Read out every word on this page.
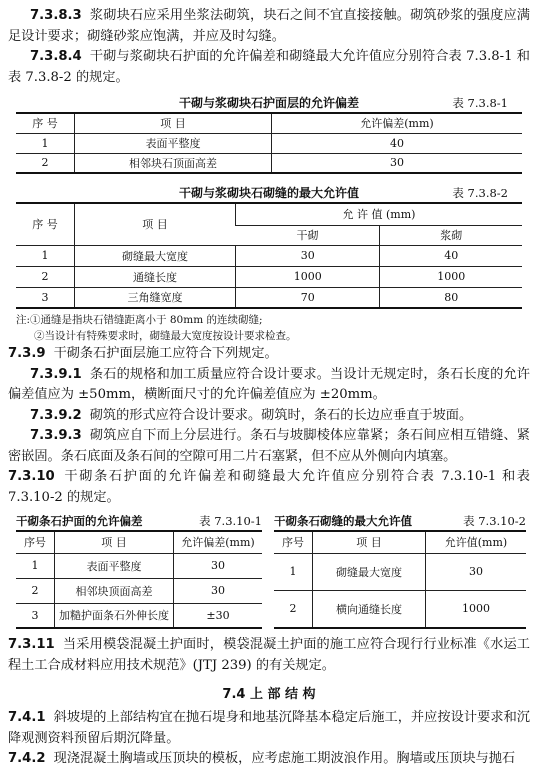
7.3.8.3 浆砌块石应采用坐浆法砌筑，块石之间不宜直接接触。砌筑砂浆的强度应满足设计要求；砌缝砂浆应饱满，并应及时勾缝。

7.3.8.4 干砌与浆砌块石护面的允许偏差和砌缝最大允许值应分别符合表 7.3.8-1 和表 7.3.8-2 的规定。

干砌与浆砌块石护面层的允许偏差	表 7.3.8-1
序 号	项 目	允许偏差(mm)
1	表面平整度	40
2	相邻块石顶面高差	30
干砌与浆砌块石砌缝的最大允许值	表 7.3.8-2
序 号	项 目	允 许 值 (mm)	
		干砌	浆砌
1	砌缝最大宽度	30	40
2	通缝长度	1000	1000
3	三角缝宽度	70	80
注:①通缝是指块石错缝距离小于 80mm 的连续砌缝;
②当设计有特殊要求时，砌缝最大宽度按设计要求检查。

7.3.9 干砌条石护面层施工应符合下列规定。

7.3.9.1 条石的规格和加工质量应符合设计要求。当设计无规定时，条石长度的允许偏差值应为 ±50mm，横断面尺寸的允许偏差值应为 ±20mm。

7.3.9.2 砌筑的形式应符合设计要求。砌筑时，条石的长边应垂直于坡面。

7.3.9.3 砌筑应自下而上分层进行。条石与坡脚棱体应靠紧；条石间应相互错缝、紧密嵌固。条石底面及条石间的空隙可用二片石塞紧，但不应从外侧向内填塞。

7.3.10 干砌条石护面的允许偏差和砌缝最大允许值应分别符合表 7.3.10-1 和表 7.3.10-2 的规定。

干砌条石护面的允许偏差	表 7.3.10-1
序号	项 目	允许偏差(mm)
1	表面平整度	30
2	相邻块顶面高差	30
3	加糙护面条石外伸长度	±30
干砌条石砌缝的最大允许值	表 7.3.10-2
序号	项 目	允许值(mm)
1	砌缝最大宽度	30
2	横向通缝长度	1000

7.3.11 当采用模袋混凝土护面时，模袋混凝土护面的施工应符合现行行业标准《水运工程土工合成材料应用技术规范》(JTJ 239) 的有关规定。

7.4 上 部 结 构

7.4.1 斜坡堤的上部结构宜在抛石堤身和地基沉降基本稳定后施工，并应按设计要求和沉降观测资料预留后期沉降量。

7.4.2 现浇混凝土胸墙或压顶块的模板，应考虑施工期波浪作用。胸墙或压顶块与抛石
